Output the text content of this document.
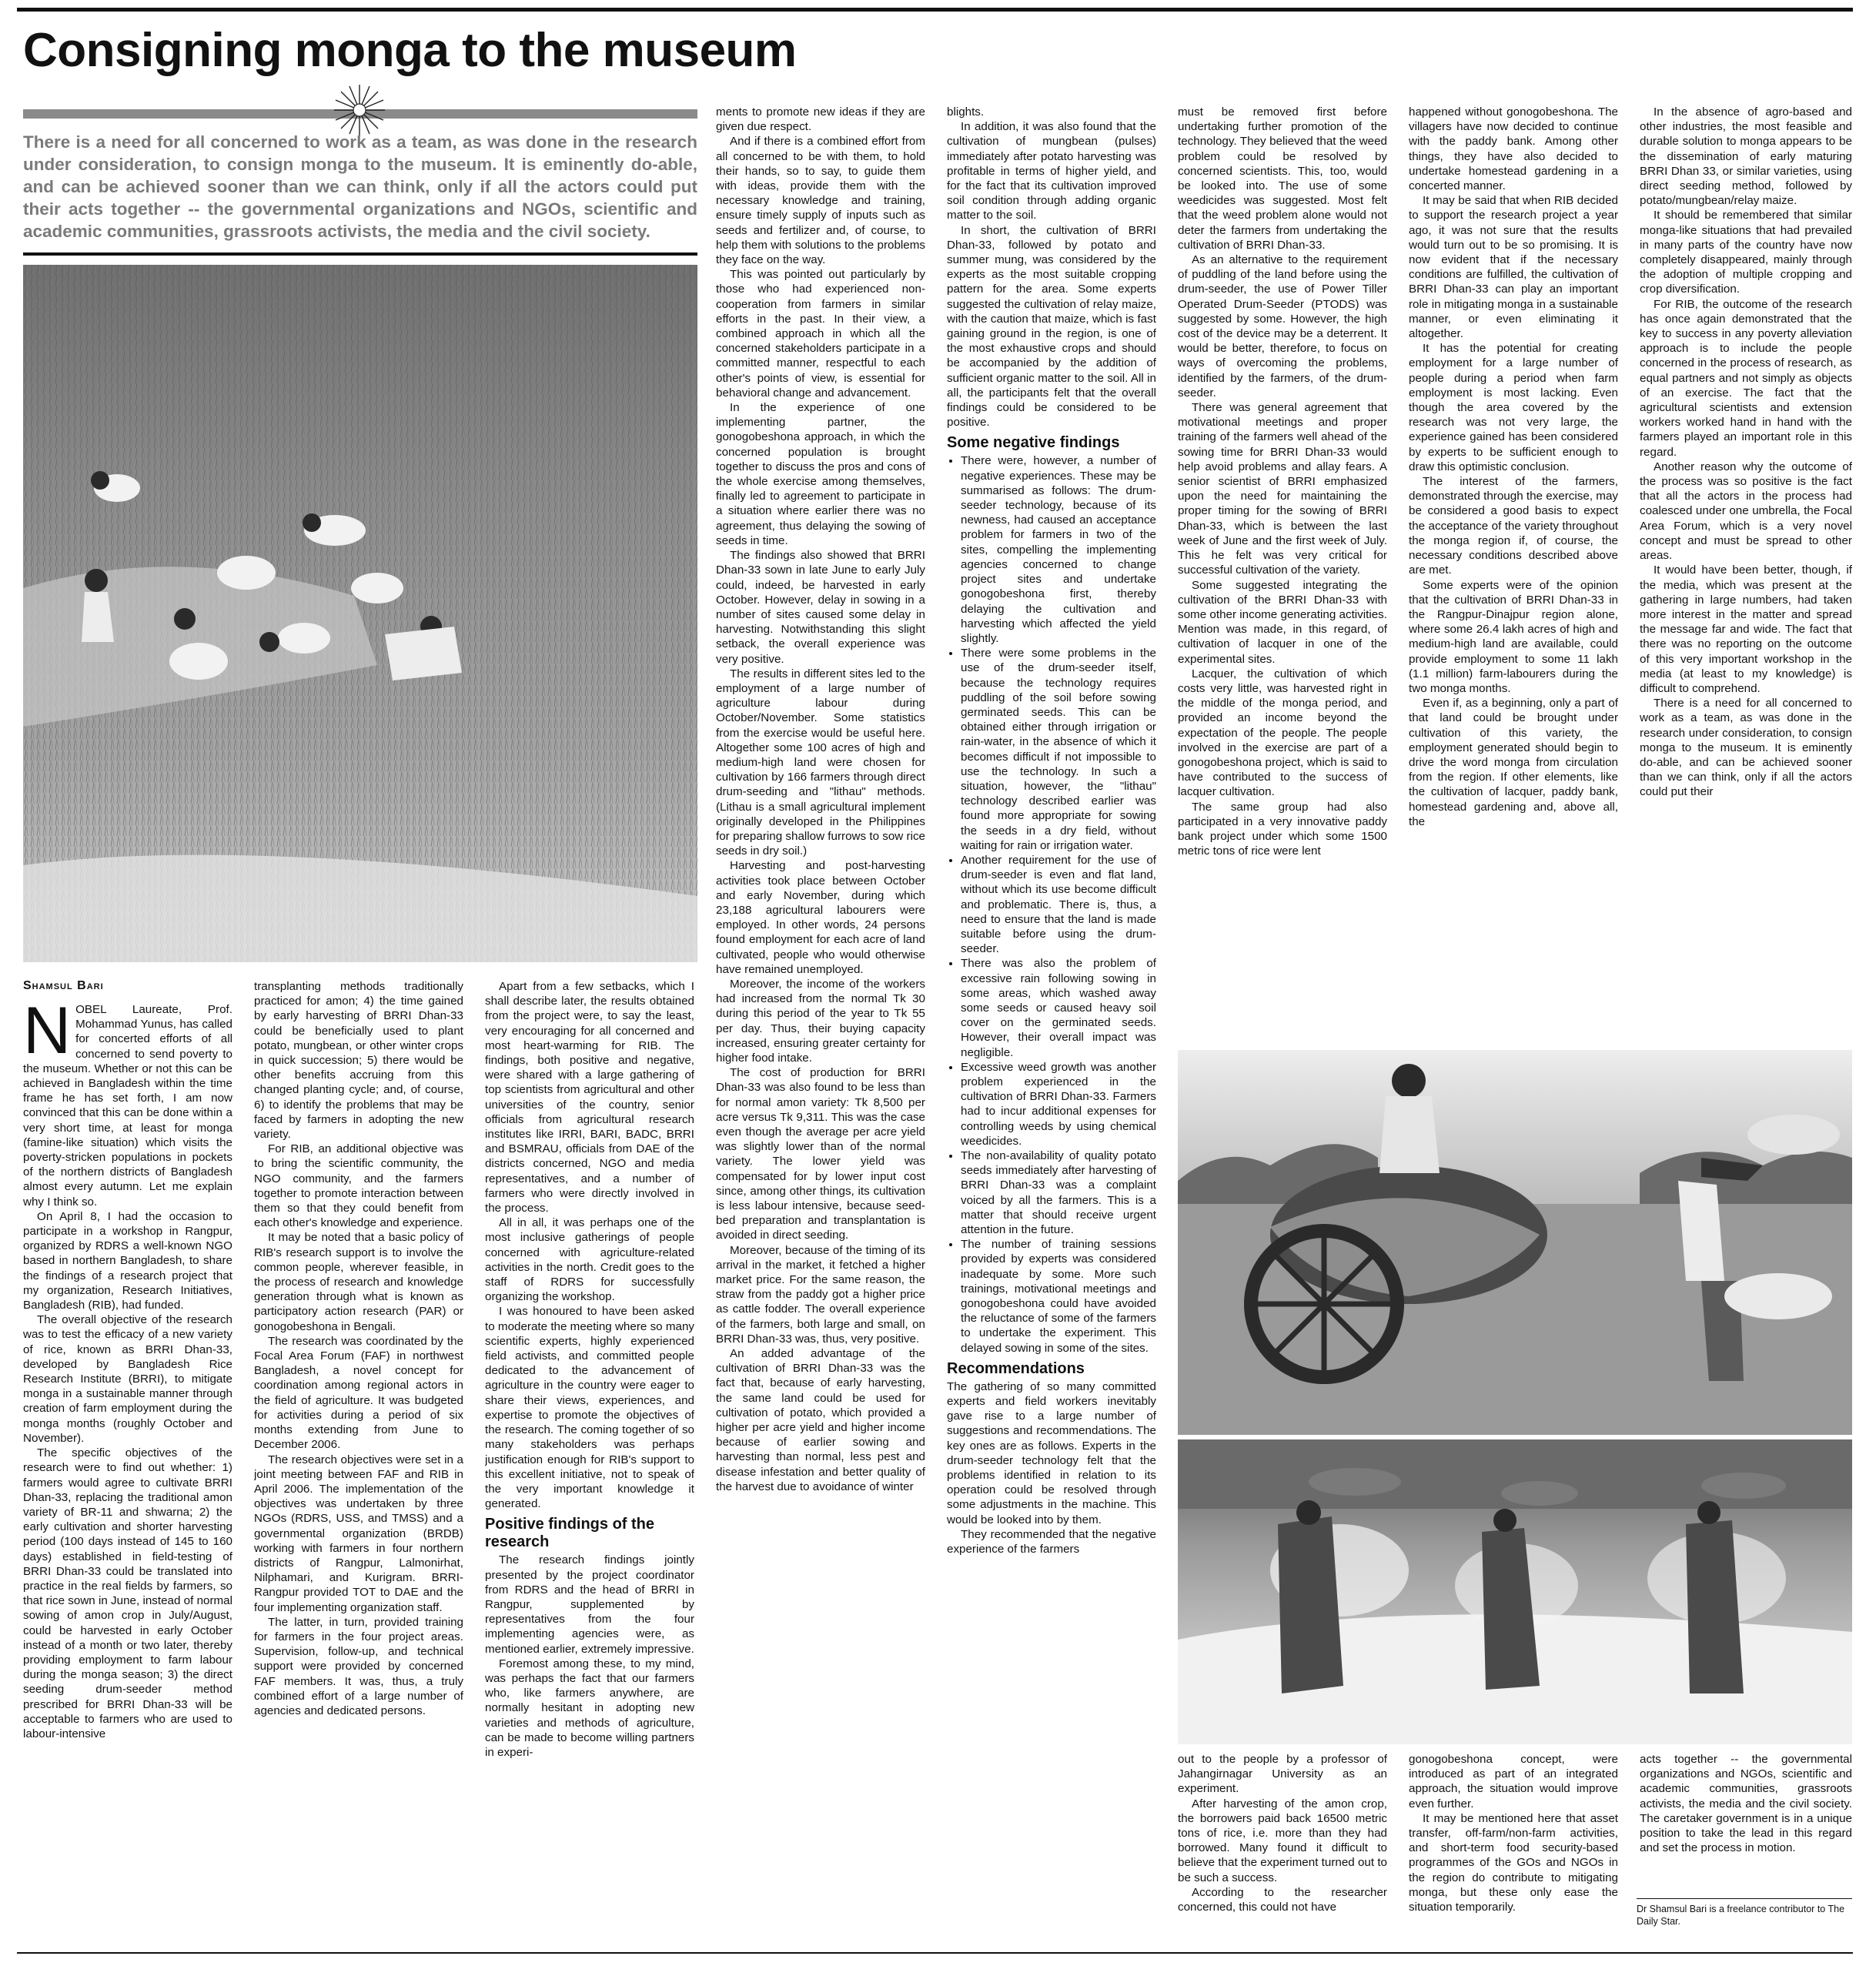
Consigning monga to the museum
There is a need for all concerned to work as a team, as was done in the research under consideration, to consign monga to the museum. It is eminently do-able, and can be achieved sooner than we can think, only if all the actors could put their acts together -- the governmental organizations and NGOs, scientific and academic communities, grassroots activists, the media and the civil society.
Shamsul Bari
N OBEL Laureate, Prof. Mohammad Yunus, has called for concerted efforts of all concerned to send poverty to the museum. Whether or not this can be achieved in Bangladesh within the time frame he has set forth, I am now convinced that this can be done within a very short time, at least for monga (famine-like situation) which visits the poverty-stricken populations in pockets of the northern districts of Bangladesh almost every autumn. Let me explain why I think so.

On April 8, I had the occasion to participate in a workshop in Rangpur, organized by RDRS a well-known NGO based in northern Bangladesh, to share the findings of a research project that my organization, Research Initiatives, Bangladesh (RIB), had funded.

The overall objective of the research was to test the efficacy of a new variety of rice, known as BRRI Dhan-33, developed by Bangladesh Rice Research Institute (BRRI), to mitigate monga in a sustainable manner through creation of farm employment during the monga months (roughly October and November).

The specific objectives of the research were to find out whether: 1) farmers would agree to cultivate BRRI Dhan-33, replacing the traditional amon variety of BR-11 and shwarna; 2) the early cultivation and shorter harvesting period (100 days instead of 145 to 160 days) established in field-testing of BRRI Dhan-33 could be translated into practice in the real fields by farmers, so that rice sown in June, instead of normal sowing of amon crop in July/August, could be harvested in early October instead of a month or two later, thereby providing employment to farm labour during the monga season; 3) the direct seeding drum-seeder method prescribed for BRRI Dhan-33 will be acceptable to farmers who are used to labour-intensive

transplanting methods traditionally practiced for amon; 4) the time gained by early harvesting of BRRI Dhan-33 could be beneficially used to plant potato, mungbean, or other winter crops in quick succession; 5) there would be other benefits accruing from this changed planting cycle; and, of course, 6) to identify the problems that may be faced by farmers in adopting the new variety.

For RIB, an additional objective was to bring the scientific community, the NGO community, and the farmers together to promote interaction between them so that they could benefit from each other's knowledge and experience.

It may be noted that a basic policy of RIB's research support is to involve the common people, wherever feasible, in the process of research and knowledge generation through what is known as participatory action research (PAR) or gonogobeshona in Bengali.

The research was coordinated by the Focal Area Forum (FAF) in northwest Bangladesh, a novel concept for coordination among regional actors in the field of agriculture. It was budgeted for activities during a period of six months extending from June to December 2006.

The research objectives were set in a joint meeting between FAF and RIB in April 2006. The implementation of the objectives was undertaken by three NGOs (RDRS, USS, and TMSS) and a governmental organization (BRDB) working with farmers in four northern districts of Rangpur, Lalmonirhat, Nilphamari, and Kurigram. BRRI-Rangpur provided TOT to DAE and the four implementing organization staff.

The latter, in turn, provided training for farmers in the four project areas. Supervision, follow-up, and technical support were provided by concerned FAF members. It was, thus, a truly combined effort of a large number of agencies and dedicated persons.

Apart from a few setbacks, which I shall describe later, the results obtained from the project were, to say the least, very encouraging for all concerned and most heart-warming for RIB. The findings, both positive and negative, were shared with a large gathering of top scientists from agricultural and other universities of the country, senior officials from agricultural research institutes like IRRI, BARI, BADC, BRRI and BSMRAU, officials from DAE of the districts concerned, NGO and media representatives, and a number of farmers who were directly involved in the process.

All in all, it was perhaps one of the most inclusive gatherings of people concerned with agriculture-related activities in the north. Credit goes to the staff of RDRS for successfully organizing the workshop.

I was honoured to have been asked to moderate the meeting where so many scientific experts, highly experienced field activists, and committed people dedicated to the advancement of agriculture in the country were eager to share their views, experiences, and expertise to promote the objectives of the research. The coming together of so many stakeholders was perhaps justification enough for RIB's support to this excellent initiative, not to speak of the very important knowledge it generated.

Positive findings of the research

The research findings jointly presented by the project coordinator from RDRS and the head of BRRI in Rangpur, supplemented by representatives from the four implementing agencies were, as mentioned earlier, extremely impressive.

Foremost among these, to my mind, was perhaps the fact that our farmers who, like farmers anywhere, are normally hesitant in adopting new varieties and methods of agriculture, can be made to become willing partners in experi-

ments to promote new ideas if they are given due respect.

And if there is a combined effort from all concerned to be with them, to hold their hands, so to say, to guide them with ideas, provide them with the necessary knowledge and training, ensure timely supply of inputs such as seeds and fertilizer and, of course, to help them with solutions to the problems they face on the way.

This was pointed out particularly by those who had experienced non-cooperation from farmers in similar efforts in the past. In their view, a combined approach in which all the concerned stakeholders participate in a committed manner, respectful to each other's points of view, is essential for behavioral change and advancement.

In the experience of one implementing partner, the gonogobeshona approach, in which the concerned population is brought together to discuss the pros and cons of the whole exercise among themselves, finally led to agreement to participate in a situation where earlier there was no agreement, thus delaying the sowing of seeds in time.

The findings also showed that BRRI Dhan-33 sown in late June to early July could, indeed, be harvested in early October. However, delay in sowing in a number of sites caused some delay in harvesting. Notwithstanding this slight setback, the overall experience was very positive.

The results in different sites led to the employment of a large number of agriculture labour during October/November. Some statistics from the exercise would be useful here. Altogether some 100 acres of high and medium-high land were chosen for cultivation by 166 farmers through direct drum-seeding and "lithau" methods. (Lithau is a small agricultural implement originally developed in the Philippines for preparing shallow furrows to sow rice seeds in dry soil.)

Harvesting and post-harvesting activities took place between October and early November, during which 23,188 agricultural labourers were employed. In other words, 24 persons found employment for each acre of land cultivated, people who would otherwise have remained unemployed.

Moreover, the income of the workers had increased from the normal Tk 30 during this period of the year to Tk 55 per day. Thus, their buying capacity increased, ensuring greater certainty for higher food intake.

The cost of production for BRRI Dhan-33 was also found to be less than for normal amon variety: Tk 8,500 per acre versus Tk 9,311. This was the case even though the average per acre yield was slightly lower than of the normal variety. The lower yield was compensated for by lower input cost since, among other things, its cultivation is less labour intensive, because seed- bed preparation and transplantation is avoided in direct seeding.

Moreover, because of the timing of its arrival in the market, it fetched a higher market price. For the same reason, the straw from the paddy got a higher price as cattle fodder. The overall experience of the farmers, both large and small, on BRRI Dhan-33 was, thus, very positive.

An added advantage of the cultivation of BRRI Dhan-33 was the fact that, because of early harvesting, the same land could be used for cultivation of potato, which provided a higher per acre yield and higher income because of earlier sowing and harvesting than normal, less pest and disease infestation and better quality of the harvest due to avoidance of winter

blights.

In addition, it was also found that the cultivation of mungbean (pulses) immediately after potato harvesting was profitable in terms of higher yield, and for the fact that its cultivation improved soil condition through adding organic matter to the soil.

In short, the cultivation of BRRI Dhan-33, followed by potato and summer mung, was considered by the experts as the most suitable cropping pattern for the area. Some experts suggested the cultivation of relay maize, with the caution that maize, which is fast gaining ground in the region, is one of the most exhaustive crops and should be accompanied by the addition of sufficient organic matter to the soil. All in all, the participants felt that the overall findings could be considered to be positive.

Some negative findings
• There were, however, a number of negative experiences. These may be summarised as follows: The drum-seeder technology, because of its newness, had caused an acceptance problem for farmers in two of the sites, compelling the implementing agencies concerned to change project sites and undertake gonogobeshona first, thereby delaying the cultivation and harvesting which affected the yield slightly.
• There were some problems in the use of the drum-seeder itself, because the technology requires puddling of the soil before sowing germinated seeds. This can be obtained either through irrigation or rain-water, in the absence of which it becomes difficult if not impossible to use the technology. In such a situation, however, the "lithau" technology described earlier was found more appropriate for sowing the seeds in a dry field, without waiting for rain or irrigation water.
• Another requirement for the use of drum-seeder is even and flat land, without which its use become difficult and problematic. There is, thus, a need to ensure that the land is made suitable before using the drum-seeder.
• There was also the problem of excessive rain following sowing in some areas, which washed away some seeds or caused heavy soil cover on the germinated seeds. However, their overall impact was negligible.
• Excessive weed growth was another problem experienced in the cultivation of BRRI Dhan-33. Farmers had to incur additional expenses for controlling weeds by using chemical weedicides.
• The non-availability of quality potato seeds immediately after harvesting of BRRI Dhan-33 was a complaint voiced by all the farmers. This is a matter that should receive urgent attention in the future.
• The number of training sessions provided by experts was considered inadequate by some. More such trainings, motivational meetings and gonogobeshona could have avoided the reluctance of some of the farmers to undertake the experiment. This delayed sowing in some of the sites.
Recommendations

The gathering of so many committed experts and field workers inevitably gave rise to a large number of suggestions and recommendations. The key ones are as follows. Experts in the drum-seeder technology felt that the problems identified in relation to its operation could be resolved through some adjustments in the machine. This would be looked into by them.

They recommended that the negative experience of the farmers

must be removed first before undertaking further promotion of the technology. They believed that the weed problem could be resolved by concerned scientists. This, too, would be looked into. The use of some weedicides was suggested. Most felt that the weed problem alone would not deter the farmers from undertaking the cultivation of BRRI Dhan-33.

As an alternative to the requirement of puddling of the land before using the drum-seeder, the use of Power Tiller Operated Drum-Seeder (PTODS) was suggested by some. However, the high cost of the device may be a deterrent. It would be better, therefore, to focus on ways of overcoming the problems, identified by the farmers, of the drum-seeder.

There was general agreement that motivational meetings and proper training of the farmers well ahead of the sowing time for BRRI Dhan-33 would help avoid problems and allay fears. A senior scientist of BRRI emphasized upon the need for maintaining the proper timing for the sowing of BRRI Dhan-33, which is between the last week of June and the first week of July. This he felt was very critical for successful cultivation of the variety.

Some suggested integrating the cultivation of the BRRI Dhan-33 with some other income generating activities. Mention was made, in this regard, of cultivation of lacquer in one of the experimental sites.

Lacquer, the cultivation of which costs very little, was harvested right in the middle of the monga period, and provided an income beyond the expectation of the people. The people involved in the exercise are part of a gonogobeshona project, which is said to have contributed to the success of lacquer cultivation.

The same group had also participated in a very innovative paddy bank project under which some 1500 metric tons of rice were lent

happened without gonogobeshona. The villagers have now decided to continue with the paddy bank. Among other things, they have also decided to undertake homestead gardening in a concerted manner.

It may be said that when RIB decided to support the research project a year ago, it was not sure that the results would turn out to be so promising. It is now evident that if the necessary conditions are fulfilled, the cultivation of BRRI Dhan-33 can play an important role in mitigating monga in a sustainable manner, or even eliminating it altogether.

It has the potential for creating employment for a large number of people during a period when farm employment is most lacking. Even though the area covered by the research was not very large, the experience gained has been considered by experts to be sufficient enough to draw this optimistic conclusion.

The interest of the farmers, demonstrated through the exercise, may be considered a good basis to expect the acceptance of the variety throughout the monga region if, of course, the necessary conditions described above are met.

Some experts were of the opinion that the cultivation of BRRI Dhan-33 in the Rangpur-Dinajpur region alone, where some 26.4 lakh acres of high and medium-high land are available, could provide employment to some 11 lakh (1.1 million) farm-labourers during the two monga months.

Even if, as a beginning, only a part of that land could be brought under cultivation of this variety, the employment generated should begin to drive the word monga from circulation from the region. If other elements, like the cultivation of lacquer, paddy bank, homestead gardening and, above all, the

In the absence of agro-based and other industries, the most feasible and durable solution to monga appears to be the dissemination of early maturing BRRI Dhan 33, or similar varieties, using direct seeding method, followed by potato/mungbean/relay maize.

It should be remembered that similar monga-like situations that had prevailed in many parts of the country have now completely disappeared, mainly through the adoption of multiple cropping and crop diversification.

For RIB, the outcome of the research has once again demonstrated that the key to success in any poverty alleviation approach is to include the people concerned in the process of research, as equal partners and not simply as objects of an exercise. The fact that the agricultural scientists and extension workers worked hand in hand with the farmers played an important role in this regard.

Another reason why the outcome of the process was so positive is the fact that all the actors in the process had coalesced under one umbrella, the Focal Area Forum, which is a very novel concept and must be spread to other areas.

It would have been better, though, if the media, which was present at the gathering in large numbers, had taken more interest in the matter and spread the message far and wide. The fact that there was no reporting on the outcome of this very important workshop in the media (at least to my knowledge) is difficult to comprehend.

There is a need for all concerned to work as a team, as was done in the research under consideration, to consign monga to the museum. It is eminently do-able, and can be achieved sooner than we can think, only if all the actors could put their

out to the people by a professor of Jahangirnagar University as an experiment.

After harvesting of the amon crop, the borrowers paid back 16500 metric tons of rice, i.e. more than they had borrowed. Many found it difficult to believe that the experiment turned out to be such a success.

According to the researcher concerned, this could not have

gonogobeshona concept, were introduced as part of an integrated approach, the situation would improve even further.

It may be mentioned here that asset transfer, off-farm/non-farm activities, and short-term food security-based programmes of the GOs and NGOs in the region do contribute to mitigating monga, but these only ease the situation temporarily.

acts together -- the governmental organizations and NGOs, scientific and academic communities, grassroots activists, the media and the civil society. The caretaker government is in a unique position to take the lead in this regard and set the process in motion.

Dr Shamsul Bari is a freelance contributor to The Daily Star.
